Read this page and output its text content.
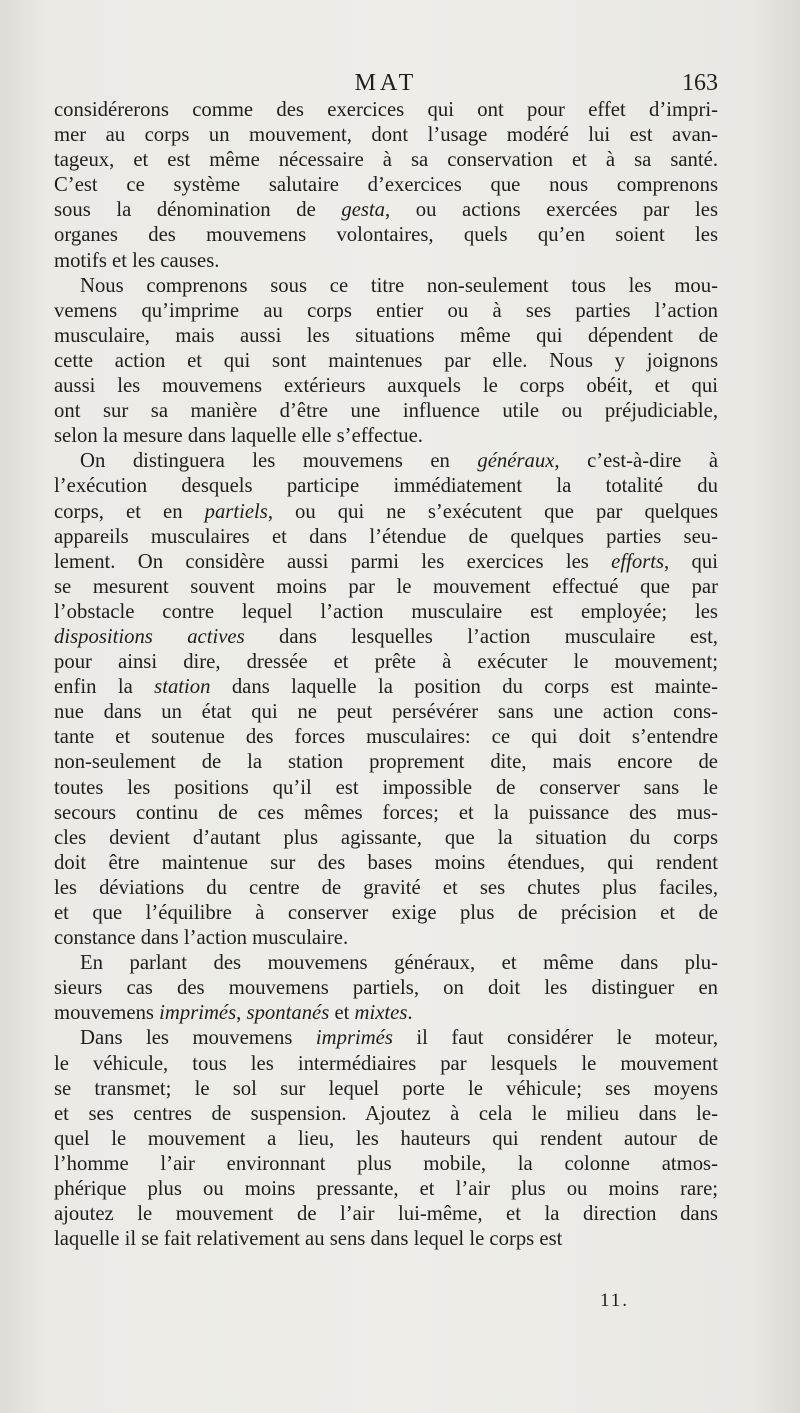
MAT	163
considérerons comme des exercices qui ont pour effet d’impri-
mer au corps un mouvement, dont l’usage modéré lui est avan-
tageux, et est même nécessaire à sa conservation et à sa santé.
C’est ce système salutaire d’exercices que nous comprenons
sous la dénomination de gesta, ou actions exercées par les
organes des mouvemens volontaires, quels qu’en soient les
motifs et les causes.
Nous comprenons sous ce titre non-seulement tous les mou-
vemens qu’imprime au corps entier ou à ses parties l’action
musculaire, mais aussi les situations même qui dépendent de
cette action et qui sont maintenues par elle. Nous y joignons
aussi les mouvemens extérieurs auxquels le corps obéit, et qui
ont sur sa manière d’être une influence utile ou préjudiciable,
selon la mesure dans laquelle elle s’effectue.
On distinguera les mouvemens en généraux, c’est-à-dire à
l’exécution desquels participe immédiatement la totalité du
corps, et en partiels, ou qui ne s’exécutent que par quelques
appareils musculaires et dans l’étendue de quelques parties seu-
lement. On considère aussi parmi les exercices les efforts, qui
se mesurent souvent moins par le mouvement effectué que par
l’obstacle contre lequel l’action musculaire est employée; les
dispositions actives dans lesquelles l’action musculaire est,
pour ainsi dire, dressée et prête à exécuter le mouvement;
enfin la station dans laquelle la position du corps est mainte-
nue dans un état qui ne peut persévérer sans une action cons-
tante et soutenue des forces musculaires: ce qui doit s’entendre
non-seulement de la station proprement dite, mais encore de
toutes les positions qu’il est impossible de conserver sans le
secours continu de ces mêmes forces; et la puissance des mus-
cles devient d’autant plus agissante, que la situation du corps
doit être maintenue sur des bases moins étendues, qui rendent
les déviations du centre de gravité et ses chutes plus faciles,
et que l’équilibre à conserver exige plus de précision et de
constance dans l’action musculaire.
En parlant des mouvemens généraux, et même dans plu-
sieurs cas des mouvemens partiels, on doit les distinguer en
mouvemens imprimés, spontanés et mixtes.
Dans les mouvemens imprimés il faut considérer le moteur,
le véhicule, tous les intermédiaires par lesquels le mouvement
se transmet; le sol sur lequel porte le véhicule; ses moyens
et ses centres de suspension. Ajoutez à cela le milieu dans le-
quel le mouvement a lieu, les hauteurs qui rendent autour de
l’homme l’air environnant plus mobile, la colonne atmos-
phérique plus ou moins pressante, et l’air plus ou moins rare;
ajoutez le mouvement de l’air lui-même, et la direction dans
laquelle il se fait relativement au sens dans lequel le corps est
11.
